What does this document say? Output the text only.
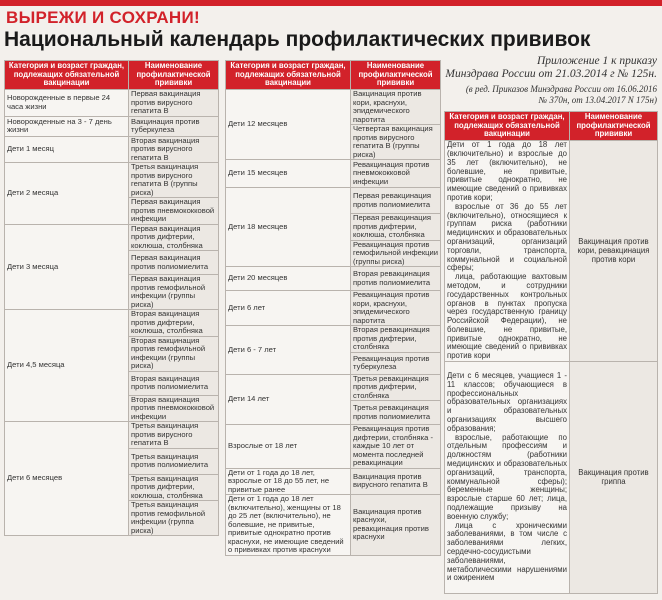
ВЫРЕЖИ И СОХРАНИ!
Национальный календарь профилактических прививок
Приложение 1 к приказу
Минздрава России от 21.03.2014 г № 125н.
(в ред. Приказов Минздрава России от 16.06.2016
№ 370н, от 13.04.2017 N 175н)
Категория и возраст граждан, подлежащих обязательной вакцинации	Наименование профилактической прививки
Новорожденные в первые 24 часа жизни	Первая вакцинация против вирусного гепатита В
Новорожденные на 3 - 7 день жизни	Вакцинация против туберкулеза
Дети 1 месяц	Вторая вакцинация против вирусного гепатита В
Дети 2 месяца	Третья вакцинация против вирусного гепатита В (группы риска)
	Первая вакцинация против пневмококковой инфекции
Дети 3 месяца	Первая вакцинация против дифтерии, коклюша, столбняка
	Первая вакцинация против полиомиелита
	Первая вакцинация против гемофильной инфекции (группы риска)
Дети 4,5 месяца	Вторая вакцинация против дифтерии, коклюша, столбняка
	Вторая вакцинация против гемофильной инфекции (группы риска)
	Вторая вакцинация против полиомиелита
	Вторая вакцинация против пневмококковой инфекции
Дети 6 месяцев	Третья вакцинация против вирусного гепатита В
	Третья вакцинация против полиомиелита
	Третья вакцинация против дифтерии, коклюша, столбняка
	Третья вакцинация против гемофильной инфекции (группа риска)
Категория и возраст граждан, подлежащих обязательной вакцинации	Наименование профилактической прививки
Дети 12 месяцев	Вакцинация против кори, краснухи, эпидемического паротита
	Четвертая вакцинация против вирусного гепатита В (группы риска)
Дети 15 месяцев	Ревакцинация против пневмококковой инфекции
Дети 18 месяцев	Первая ревакцинация против полиомиелита
	Первая ревакцинация против дифтерии, коклюша, столбняка
	Ревакцинация против гемофильной инфекции (группы риска)
Дети 20 месяцев	Вторая ревакцинация против полиомиелита
Дети 6 лет	Ревакцинация против кори, краснухи, эпидемического паротита
Дети 6 - 7 лет	Вторая ревакцинация против дифтерии, столбняка
	Ревакцинация против туберкулеза
Дети 14 лет	Третья ревакцинация против дифтерии, столбняка
	Третья ревакцинация против полиомиелита
Взрослые от 18 лет	Ревакцинация против дифтерии, столбняка - каждые 10 лет от момента последней ревакцинации
Дети от 1 года до 18 лет, взрослые от 18 до 55 лет, не привитые ранее	Вакцинация против вирусного гепатита В
Дети от 1 года до 18 лет (включительно), женщины от 18 до 25 лет (включительно), не болевшие, не привитые, привитые однократно против краснухи, не имеющие сведений о прививках против краснухи	Вакцинация против краснухи, ревакцинация против краснухи
Категория и возраст граждан, подлежащих обязательной вакцинации	Наименование профилактической прививки

Дети от 1 года до 18 лет (включительно) и взрослые до 35 лет (включительно), не болевшие, не привитые, привитые однократно, не имеющие сведений о прививках против кори;
взрослые от 36 до 55 лет (включительно), относящиеся к группам риска (работники медицинских и образовательных организаций, организаций торговли, транспорта, коммунальной и социальной сферы;
лица, работающие вахтовым методом, и сотрудники государственных контрольных органов в пунктах пропуска через государственную границу Российской Федерации), не болевшие, не привитые, привитые однократно, не имеющие сведений о прививках против кори	Вакцинация против кори, ревакцинация против кори

Дети с 6 месяцев, учащиеся 1 - 11 классов; обучающиеся в профессиональных образовательных организациях и образовательных организациях высшего образования;
взрослые, работающие по отдельным профессиям и должностям (работники медицинских и образовательных организаций, транспорта, коммунальной сферы); беременные женщины; взрослые старше 60 лет; лица, подлежащие призыву на военную службу;
лица с хроническими заболеваниями, в том числе с заболеваниями легких, сердечно-сосудистыми заболеваниями, метаболическими нарушениями и ожирением	Вакцинация против гриппа
